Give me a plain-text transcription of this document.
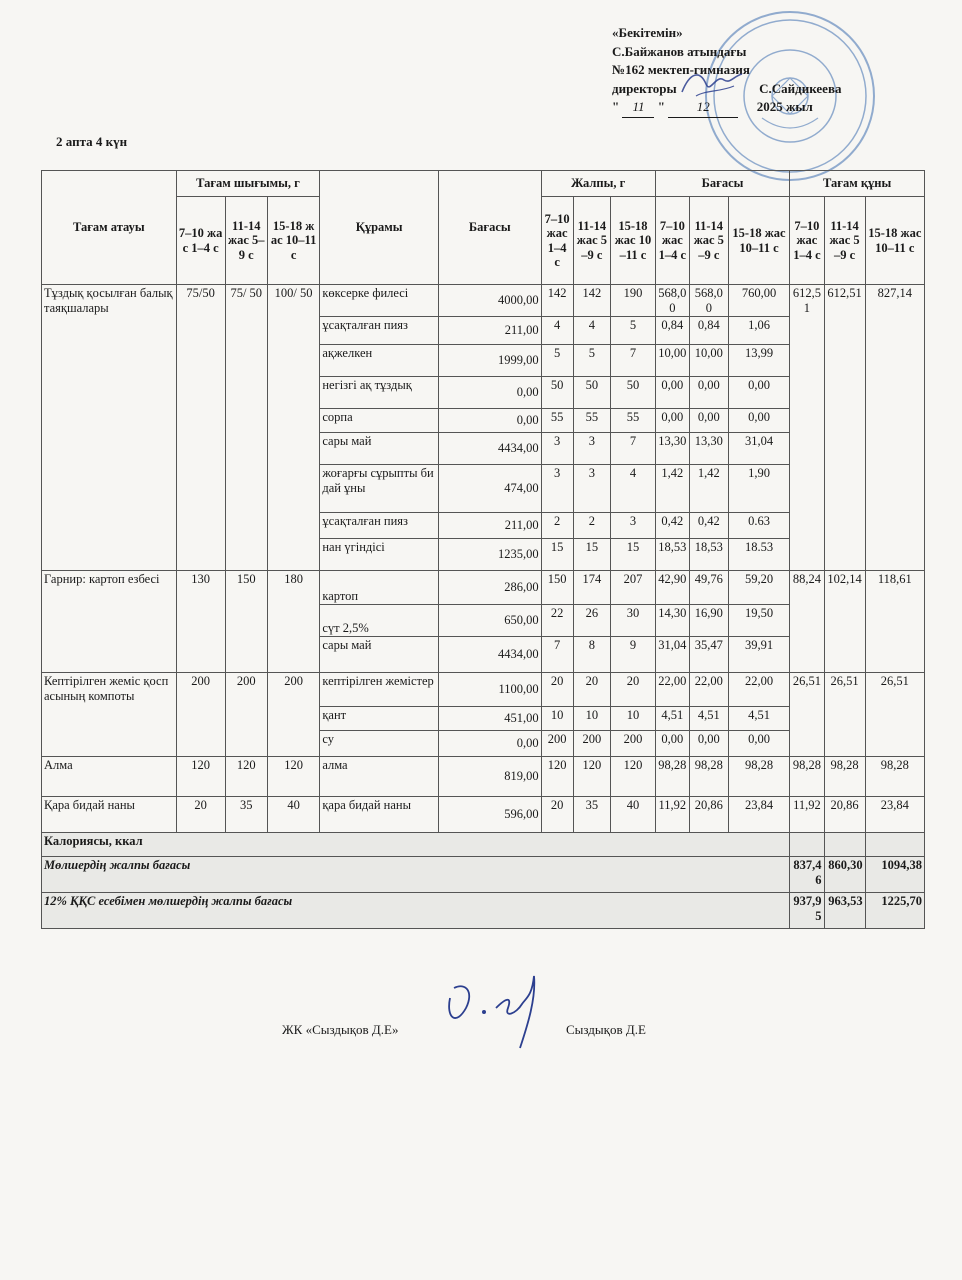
«Бекітемін»
С.Байжанов атындағы
№162 мектеп-гимназия
директоры	С.Сайдикеева
" 11 " 12	2025 жыл
2 апта 4 күн
Тағам атауы	Тағам шығымы, г			Құрамы	Бағасы	Жалпы, г			Бағасы			Тағам құны		
	7–10 жас 1–4 с	11-14 жас 5–9 с	15-18 жас 10–11 с			7–10 жас 1–4 с	11-14 жас 5–9 с	15-18 жас 10–11 с	7–10 жас 1–4 с	11-14 жас 5–9 с	15-18 жас 10–11 с	7–10 жас 1–4 с	11-14 жас 5–9 с	15-18 жас 10–11 с
Тұздық қосылған балық таяқшалары	75/50	75/ 50	100/ 50	көксерке филесі	4000,00	142	142	190	568,00	568,00	760,00	612,51	612,51	827,14
				ұсақталған пияз	211,00	4	4	5	0,84	0,84	1,06			
				ақжелкен	1999,00	5	5	7	10,00	10,00	13,99			
				негізгі ақ тұздық	0,00	50	50	50	0,00	0,00	0,00			
				сорпа	0,00	55	55	55	0,00	0,00	0,00			
				сары май	4434,00	3	3	7	13,30	13,30	31,04			
				жоғарғы сұрыпты бидай ұны	474,00	3	3	4	1,42	1,42	1,90			
				ұсақталған пияз	211,00	2	2	3	0,42	0,42	0.63			
				нан үгіндісі	1235,00	15	15	15	18,53	18,53	18.53			
Гарнир: картоп езбесі	130	150	180	картоп	286,00	150	174	207	42,90	49,76	59,20	88,24	102,14	118,61
				сүт 2,5%	650,00	22	26	30	14,30	16,90	19,50			
				сары май	4434,00	7	8	9	31,04	35,47	39,91			
Кептірілген жеміс қоспасының компоты	200	200	200	кептірілген жемістер	1100,00	20	20	20	22,00	22,00	22,00	26,51	26,51	26,51
				қант	451,00	10	10	10	4,51	4,51	4,51			
				су	0,00	200	200	200	0,00	0,00	0,00			
Алма	120	120	120	алма	819,00	120	120	120	98,28	98,28	98,28	98,28	98,28	98,28
Қара бидай наны	20	35	40	қара бидай наны	596,00	20	35	40	11,92	20,86	23,84	11,92	20,86	23,84
Калориясы, ккал														
Мөлшердің жалпы бағасы												837,46	860,30	1094,38
12% ҚҚС есебімен мөлшердің жалпы бағасы												937,95	963,53	1225,70
ЖК «Сыздықов Д.Е»	Сыздықов Д.Е
